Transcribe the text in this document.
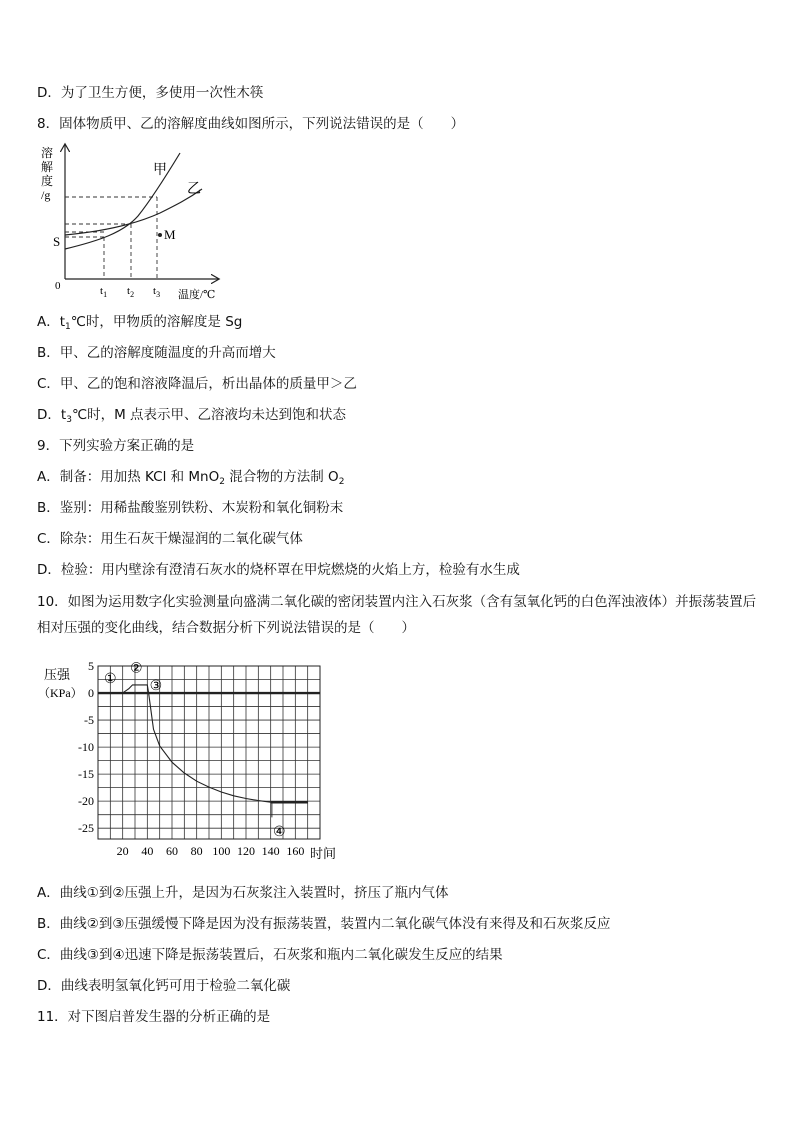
D．为了卫生方便，多使用一次性木筷
8．固体物质甲、乙的溶解度曲线如图所示，下列说法错误的是（　　）
M
甲
乙
溶
解
度
/g
S
0	$t_1$ $t_2$ $t_3$ 温度/℃
A．$t_1℃$时，甲物质的溶解度是 Sg
B．甲、乙的溶解度随温度的升高而增大
C．甲、乙的饱和溶液降温后，析出晶体的质量甲＞乙
D．$t_3℃$时，M 点表示甲、乙溶液均未达到饱和状态
9．下列实验方案正确的是
A．制备：用加热 KCl 和 MnO$_2$ 混合物的方法制 $O_2$
B．鉴别：用稀盐酸鉴别铁粉、木炭粉和氧化铜粉末
C．除杂：用生石灰干燥湿润的二氧化碳气体
D．检验：用内壁涂有澄清石灰水的烧杯罩在甲烷燃烧的火焰上方，检验有水生成
10．如图为运用数字化实验测量向盛满二氧化碳的密闭装置内注入石灰浆（含有氢氧化钙的白色浑浊液体）并振荡装置后相对压强的变化曲线，结合数据分析下列说法错误的是（　　）
5
0
-5
-10
-15
-20
-25
20 40 60 80 100 120 140 160
压强
（KPa）
时间
①
②
③
④
A．曲线①到②压强上升，是因为石灰浆注入装置时，挤压了瓶内气体
B．曲线②到③压强缓慢下降是因为没有振荡装置，装置内二氧化碳气体没有来得及和石灰浆反应
C．曲线③到④迅速下降是振荡装置后，石灰浆和瓶内二氧化碳发生反应的结果
D．曲线表明氢氧化钙可用于检验二氧化碳
11．对下图启普发生器的分析正确的是
